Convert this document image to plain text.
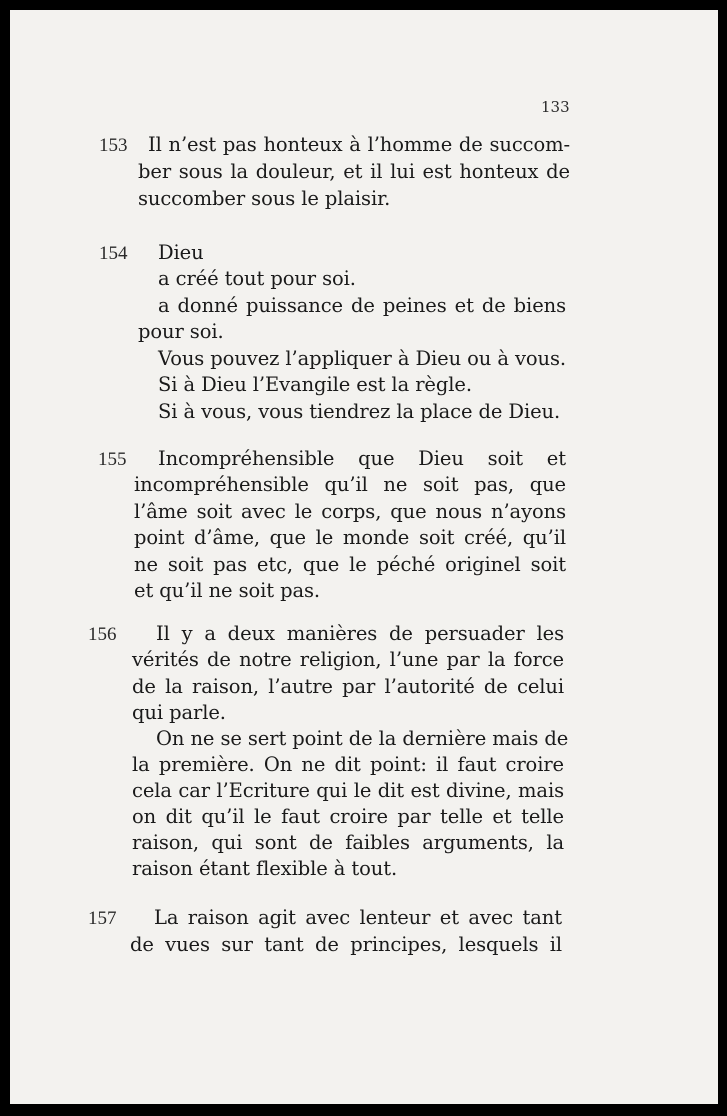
133
153 Il n’est pas honteux à l’homme de succom-
ber sous la douleur, et il lui est honteux de
succomber sous le plaisir.
154 Dieu
a créé tout pour soi.
a donné puissance de peines et de biens
pour soi.
Vous pouvez l’appliquer à Dieu ou à vous.
Si à Dieu l’Evangile est la règle.
Si à vous, vous tiendrez la place de Dieu.
155 Incompréhensible que Dieu soit et
incompréhensible qu’il ne soit pas, que
l’âme soit avec le corps, que nous n’ayons
point d’âme, que le monde soit créé, qu’il
ne soit pas etc, que le péché originel soit
et qu’il ne soit pas.
156 Il y a deux manières de persuader les
vérités de notre religion, l’une par la force
de la raison, l’autre par l’autorité de celui
qui parle.
On ne se sert point de la dernière mais de
la première. On ne dit point: il faut croire
cela car l’Ecriture qui le dit est divine, mais
on dit qu’il le faut croire par telle et telle
raison, qui sont de faibles arguments, la
raison étant flexible à tout.
157 La raison agit avec lenteur et avec tant
de vues sur tant de principes, lesquels il
